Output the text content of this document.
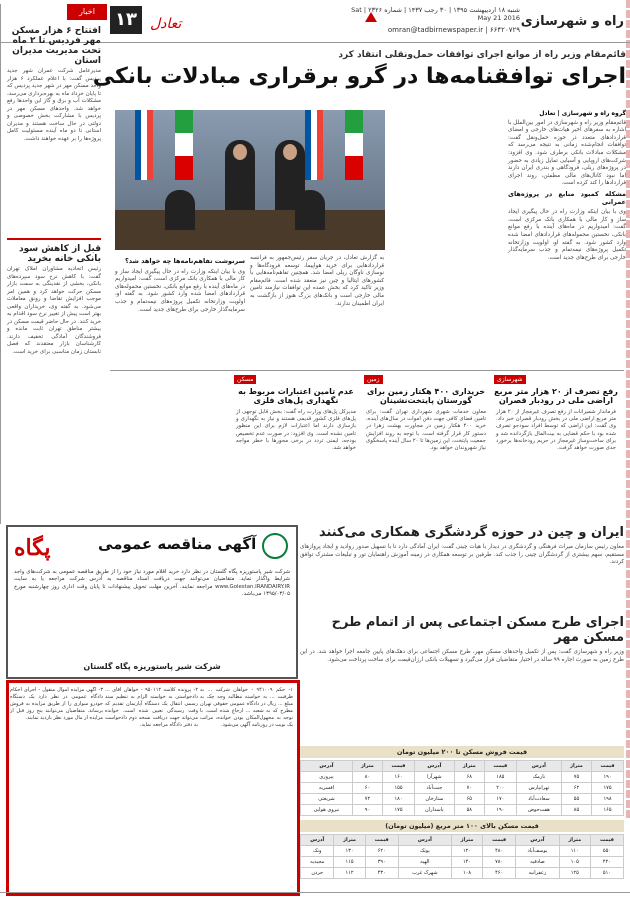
راه و شهرسازی
شنبه ۱۸ اردیبهشت ۱۳۹۵ | ۳۰ رجب ۱۴۳۷ | شماره ۲۳۲۶ | Sat May 21 2016
omran@tadbirnewspaper.ir | ۶۶۴۲۰۷۲۹
تعادل
۱۳
اخبار
افتتاح ۶ هزار مسکن مهر فردیس تا ۲ ماه تحت مدیریت مدیران استان

مدیرعامل شرکت عمران شهر جدید پردیس گفت: با اعلام عملکرد ۶ هزار واحد مسکن مهر در شهر جدید پردیس که تا پایان خرداد ماه به بهره‌برداری می‌رسد، مشکلات آب و برق و گاز این واحدها رفع خواهد شد. واحدهای مسکن مهر در پردیس با مشارکت بخش خصوصی و دولتی در حال ساخت هستند و مدیران استانی تا دو ماه آینده مسئولیت کامل پروژه‌ها را بر عهده خواهند داشت.

قبل از کاهش سود بانکی خانه بخرید

رئیس اتحادیه مشاوران املاک تهران گفت: با کاهش نرخ سود سپرده‌های بانکی، بخشی از نقدینگی به سمت بازار مسکن حرکت خواهد کرد و همین امر موجب افزایش تقاضا و رونق معاملات می‌شود. به گفته وی، خریداران واقعی بهتر است پیش از تغییر نرخ سود اقدام به خرید کنند. در حال حاضر قیمت مسکن در بیشتر مناطق تهران ثابت مانده و فروشندگان آمادگی تخفیف دارند. کارشناسان بازار معتقدند که فصل تابستان زمان مناسبی برای خرید است.

قائم‌مقام وزیر راه از موانع اجرای توافقات حمل‌ونقلی انتقاد کرد
اجرای توافقنامه‌ها در گرو برقراری مبادلات بانکی
گروه راه و شهرسازی | تعادل
قائم‌مقام وزیر راه و شهرسازی در امور بین‌الملل با اشاره به سفرهای اخیر هیات‌های خارجی و امضای قراردادهای متعدد در حوزه حمل‌ونقل گفت: توافقات انجام‌شده زمانی به نتیجه می‌رسد که مشکلات مبادلات بانکی برطرف شود. وی افزود: شرکت‌های اروپایی و آسیایی تمایل زیادی به حضور در پروژه‌های ریلی، فرودگاهی و بندری ایران دارند اما نبود کانال‌های مالی مطمئن، روند اجرای قراردادها را کند کرده است.
مشکله کمبود منابع در پروژه‌های عمرانی
وی با بیان اینکه وزارت راه در حال پیگیری ایجاد ساز و کار مالی با همکاری بانک مرکزی است، گفت: امیدواریم در ماه‌های آینده با رفع موانع بانکی، نخستین محموله‌های قراردادهای امضا شده وارد کشور شود. به گفته او، اولویت وزارتخانه تکمیل پروژه‌های نیمه‌تمام و جذب سرمایه‌گذار خارجی برای طرح‌های جدید است.
به گزارش تعادل، در جریان سفر رئیس‌جمهور به فرانسه قراردادهایی برای خرید هواپیما، توسعه فرودگاه‌ها و نوسازی ناوگان ریلی امضا شد. همچنین تفاهم‌نامه‌هایی با کشورهای ایتالیا و چین نیز منعقد شده است. قائم‌مقام وزیر تاکید کرد که بخش عمده این توافقات نیازمند تامین مالی خارجی است و بانک‌های بزرگ هنوز از بازگشت به ایران اطمینان ندارند.
سرنوشت تفاهم‌نامه‌ها چه خواهد شد؟
وی با بیان اینکه وزارت راه در حال پیگیری ایجاد ساز و کار مالی با همکاری بانک مرکزی است، گفت: امیدواریم در ماه‌های آینده با رفع موانع بانکی، نخستین محموله‌های قراردادهای امضا شده وارد کشور شود. به گفته او، اولویت وزارتخانه تکمیل پروژه‌های نیمه‌تمام و جذب سرمایه‌گذار خارجی برای طرح‌های جدید است.
شهرسازی
رفع تصرف از ۲۰ هزار متر مربع اراضی ملی در رودبار قصران

فرماندار شمیرانات از رفع تصرف غیرمجاز از ۲۰ هزار متر مربع اراضی ملی در بخش رودبار قصران خبر داد. وی گفت: این اراضی که توسط افراد سودجو تصرف شده بود با حکم قضایی به بیت‌المال بازگردانده شد و برای ساخت‌وساز غیرمجاز در حریم رودخانه‌ها برخورد جدی صورت خواهد گرفت.

زمین
خریداری ۴۰۰ هکتار زمین برای گورستان پایتخت‌نشینان

معاون خدمات شهری شهرداری تهران گفت: برای تامین فضای کافی جهت دفن اموات در سال‌های آینده، خرید ۴۰۰ هکتار زمین در مجاورت بهشت زهرا در دستور کار قرار گرفته است. با توجه به روند افزایش جمعیت پایتخت، این زمین‌ها تا ۲۰ سال آینده پاسخگوی نیاز شهروندان خواهد بود.

مسکن
عدم تامین اعتبارات مربوط به نگهداری پل‌های فلزی

مدیرکل پل‌های وزارت راه گفت: بخش قابل توجهی از پل‌های فلزی کشور قدیمی هستند و نیاز به نگهداری و بازسازی دارند اما اعتبارات لازم برای این منظور تامین نشده است. وی افزود: در صورت عدم تخصیص بودجه، ایمنی تردد در برخی محورها با خطر مواجه خواهد شد.

ایران و چین در حوزه گردشگری همکاری می‌کنند
معاون رئیس سازمان میراث فرهنگی و گردشگری در دیدار با هیات چینی گفت: ایران آمادگی دارد تا با تسهیل صدور روادید و ایجاد پروازهای مستقیم، سهم بیشتری از گردشگران چینی را جذب کند. طرفین بر توسعه همکاری در زمینه آموزش راهنمایان تور و تبلیغات مشترک توافق کردند.
اجرای طرح مسکن اجتماعی پس از اتمام طرح مسکن مهر
وزیر راه و شهرسازی گفت: پس از تکمیل واحدهای مسکن مهر، طرح مسکن اجتماعی برای دهک‌های پایین جامعه اجرا خواهد شد. در این طرح زمین به صورت اجاره ۹۹ ساله در اختیار متقاضیان قرار می‌گیرد و تسهیلات بانکی ارزان‌قیمت برای ساخت پرداخت می‌شود.
آگهی مناقصه عمومی
پگاه

شرکت شیر پاستوریزه پگاه گلستان در نظر دارد خرید اقلام مورد نیاز خود را از طریق مناقصه عمومی به شرکت‌های واجد شرایط واگذار نماید. متقاضیان می‌توانند جهت دریافت اسناد مناقصه به آدرس شرکت مراجعه یا به سایت www.Golestan.IRANDAIRY.IR مراجعه نمایند. آخرین مهلت تحویل پیشنهادات تا پایان وقت اداری روز چهارشنبه مورخ ۱۳۹۵/۰۳/۰۵ می‌باشد.

شرکت شیر پاستوریزه پگاه گلستان
۱- حکم ۹۴۱۰۰۹ - خواهان شرکت ... به طرفیت ... به خواسته مطالبه وجه چک به مبلغ ... ریال در دادگاه عمومی حقوقی تهران مطرح که به شعبه ... ارجاع شده است. با توجه به مجهول‌المکان بودن خوانده، مراتب یک نوبت در روزنامه آگهی می‌شود.
۲- پرونده کلاسه ۹۵۰۱۱۲ - خواهان آقای ... دادخواستی به خواسته الزام به تنظیم سند رسمی انتقال یک دستگاه آپارتمان تقدیم که وقت رسیدگی تعیین شده است. خوانده می‌تواند جهت دریافت نسخه دوم دادخواست به دفتر دادگاه مراجعه نماید.
۳- آگهی مزایده اموال منقول - اجرای احکام دادگاه عمومی در نظر دارد یک دستگاه خودرو سواری را از طریق مزایده به فروش برساند. متقاضیان می‌توانند پنج روز قبل از مزایده از مال مورد نظر بازدید نمایند.
قیمت فروش مسکن تا ۲۰۰ میلیون تومان
قیمت	متراژ	آدرس	قیمت	متراژ	آدرس	قیمت	متراژ	آدرس
۱۹۰	۷۵	نارمک	۱۸۵	۶۸	شهرآرا	۱۶۰	۸۰	پیروزی
۱۷۵	۶۲	تهرانپارس	۲۰۰	۷۰	جنت‌آباد	۱۵۵	۶۰	افسریه
۱۹۸	۵۵	سعادت‌آباد	۱۷۰	۶۵	ستارخان	۱۸۰	۷۲	شریعتی
۱۶۵	۸۵	هفت‌حوض	۱۹۰	۵۸	پاسداران	۱۷۵	۹۰	نیروی هوایی
قیمت مسکن بالای ۱۰۰ متر مربع (میلیون تومان)
قیمت	متراژ	آدرس	قیمت	متراژ	آدرس	قیمت	متراژ	آدرس
۵۵۰	۱۱۰	یوسف‌آباد	۴۸۰	۱۲۰	پونک	۶۲۰	۱۳۰	ونک
۴۲۰	۱۰۵	صادقیه	۷۸۰	۱۴۰	الهیه	۳۹۰	۱۱۵	مجیدیه
۵۱۰	۱۲۵	زعفرانیه	۴۶۰	۱۰۸	شهرک غرب	۴۳۰	۱۱۲	جردن
